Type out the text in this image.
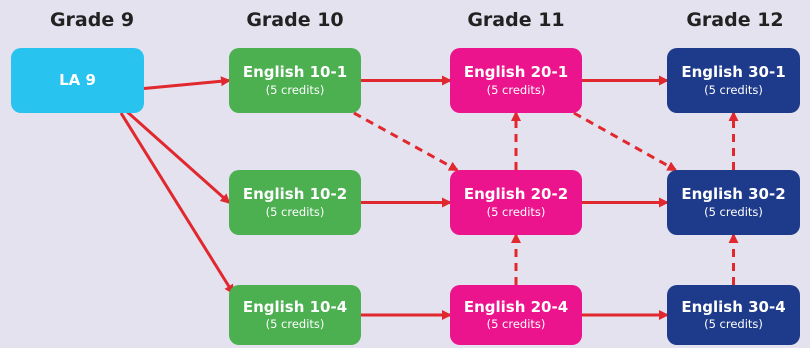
Grade 9	Grade 10	Grade 11	Grade 12
LA 9	English 10-1
(5 credits)
English 10-2
(5 credits)
English 10-4
(5 credits)
English 20-1
(5 credits)
English 20-2
(5 credits)
English 20-4
(5 credits)
English 30-1
(5 credits)
English 30-2
(5 credits)
English 30-4
(5 credits)
